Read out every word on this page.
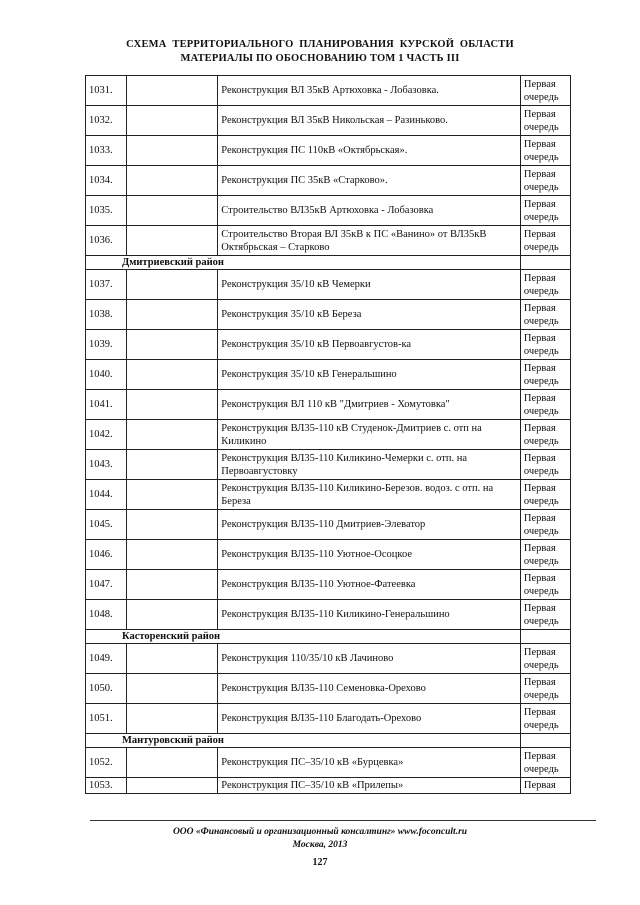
СХЕМА ТЕРРИТОРИАЛЬНОГО ПЛАНИРОВАНИЯ КУРСКОЙ ОБЛАСТИ
МАТЕРИАЛЫ ПО ОБОСНОВАНИЮ ТОМ 1 ЧАСТЬ III
1031.		Реконструкция ВЛ 35кВ Артюховка - Лобазовка.	Первая очередь
1032.		Реконструкция ВЛ 35кВ Никольская – Разиньково.	Первая очередь
1033.		Реконструкция ПС 110кВ «Октябрьская».	Первая очередь
1034.		Реконструкция ПС 35кВ «Старково».	Первая очередь
1035.		Строительство ВЛ35кВ Артюховка - Лобазовка	Первая очередь
1036.		Строительство Вторая ВЛ 35кВ к ПС «Ванино» от ВЛ35кВ Октябрьская – Старково	Первая очередь
Дмитриевский район			
1037.		Реконструкция 35/10 кВ Чемерки	Первая очередь
1038.		Реконструкция 35/10 кВ Береза	Первая очередь
1039.		Реконструкция 35/10 кВ Первоавгустов-ка	Первая очередь
1040.		Реконструкция 35/10 кВ Генеральшино	Первая очередь
1041.		Реконструкция ВЛ 110 кВ "Дмитриев - Хомутовка"	Первая очередь
1042.		Реконструкция ВЛ35-110 кВ Студенок-Дмитриев с. отп на Киликино	Первая очередь
1043.		Реконструкция ВЛ35-110 Киликино-Чемерки с. отп. на Первоавгустовку	Первая очередь
1044.		Реконструкция ВЛ35-110 Киликино-Березов. водоз. с отп. на Береза	Первая очередь
1045.		Реконструкция ВЛ35-110 Дмитриев-Элеватор	Первая очередь
1046.		Реконструкция ВЛ35-110 Уютное-Осоцкое	Первая очередь
1047.		Реконструкция ВЛ35-110 Уютное-Фатеевка	Первая очередь
1048.		Реконструкция ВЛ35-110 Киликино-Генеральшино	Первая очередь
Касторенский район			
1049.		Реконструкция 110/35/10 кВ Лачиново	Первая очередь
1050.		Реконструкция ВЛ35-110 Семеновка-Орехово	Первая очередь
1051.		Реконструкция ВЛ35-110 Благодать-Орехово	Первая очередь
Мантуровский район			
1052.		Реконструкция ПС–35/10 кВ «Бурцевка»	Первая очередь
1053.		Реконструкция ПС–35/10 кВ «Прилепы»	Первая
ООО «Финансовый и организационный консалтинг» www.foconcult.ru
Москва, 2013
127
